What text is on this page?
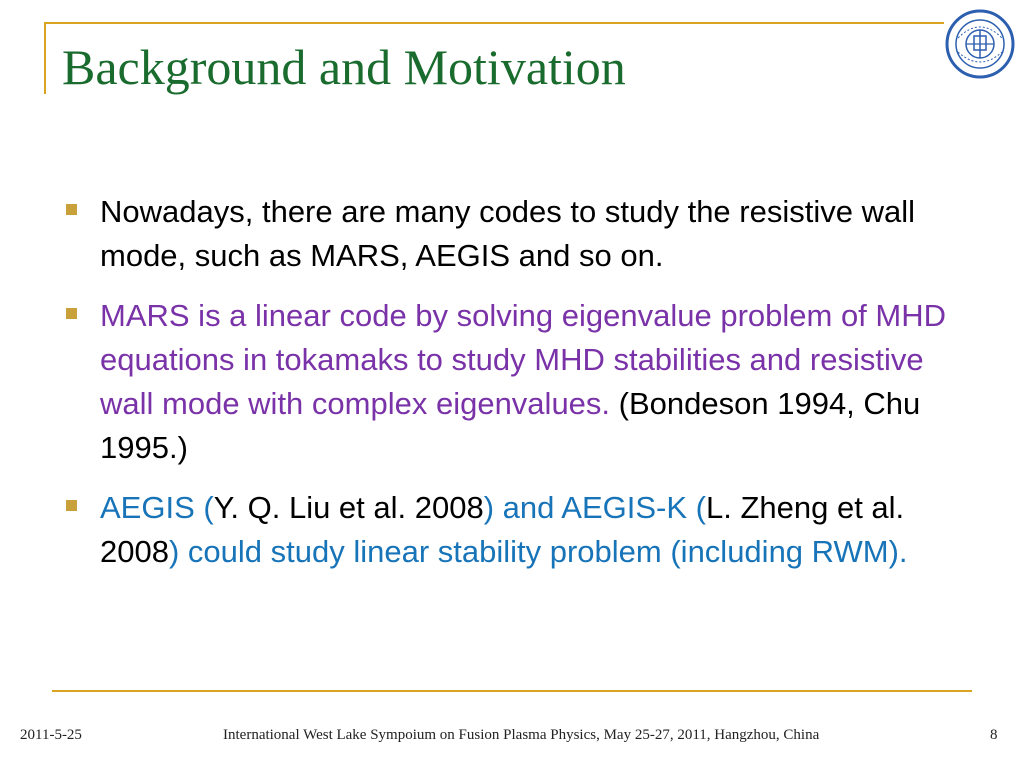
Background and Motivation
Nowadays, there are many codes to study the resistive wall mode, such as MARS, AEGIS and so on.
MARS is a linear code by solving eigenvalue problem of MHD equations in tokamaks to study MHD stabilities and resistive wall mode with complex eigenvalues. (Bondeson 1994, Chu 1995.)
AEGIS (Y. Q. Liu et al. 2008) and AEGIS-K (L. Zheng et al. 2008) could study linear stability problem (including RWM).
2011-5-25	International West Lake Sympoium on Fusion Plasma Physics, May 25-27, 2011, Hangzhou, China	8
